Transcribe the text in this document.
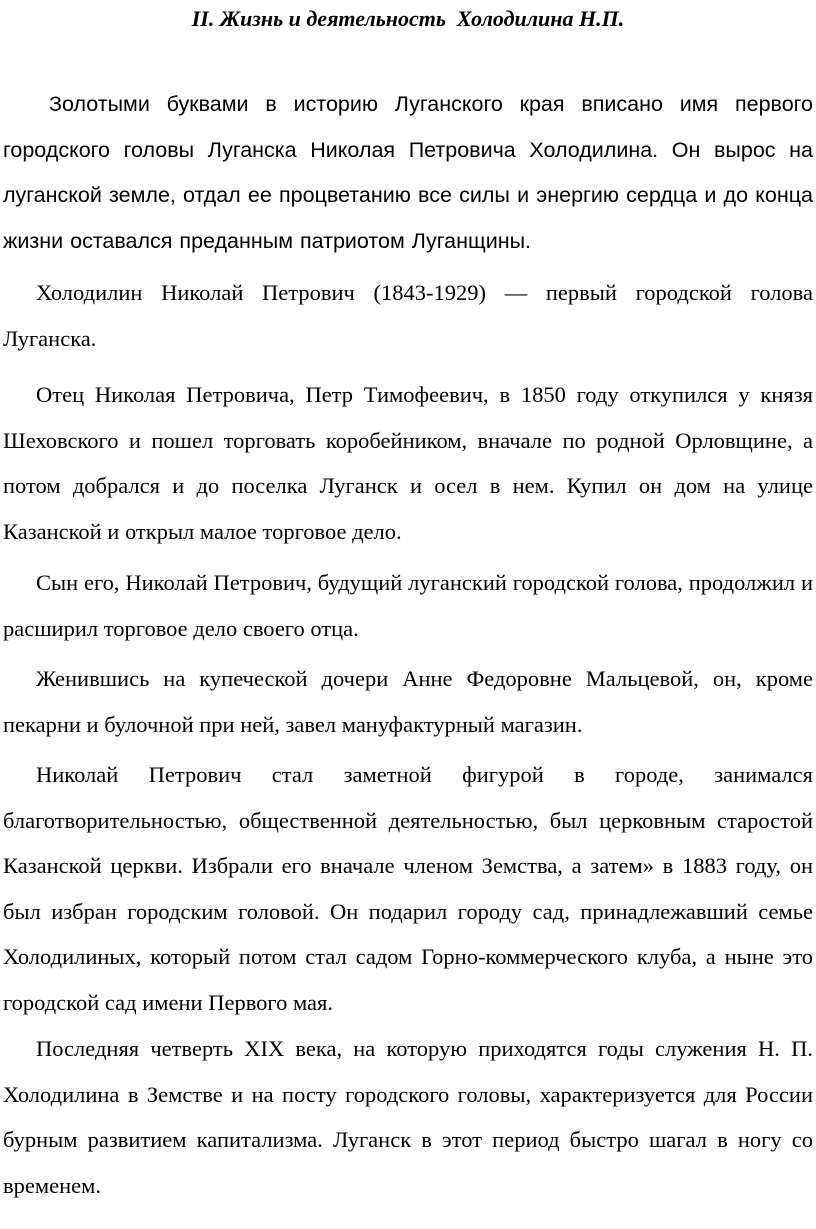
II. Жизнь и деятельность  Холодилина Н.П.

Золотыми буквами в историю Луганского края вписано имя первого городского головы Луганска Николая Петровича Холодилина. Он вырос на луганской земле, отдал ее процветанию все силы и энергию сердца и до конца жизни оставался преданным патриотом Луганщины.

Холодилин Николай Петрович (1843-1929) — первый городской голова Луганска.

Отец Николая Петровича, Петр Тимофеевич, в 1850 году откупился у князя Шеховского и пошел торговать коробейником, вначале по родной Орловщине, а потом добрался и до поселка Луганск и осел в нем. Купил он дом на улице Казанской и открыл малое торговое дело.

Сын его, Николай Петрович, будущий луганский городской голова, продолжил и расширил торговое дело своего отца.

Женившись на купеческой дочери Анне Федоровне Мальцевой, он, кроме пекарни и булочной при ней, завел мануфактурный магазин.

Николай Петрович стал заметной фигурой в городе, занимался благотворительностью, общественной деятельностью, был церковным старостой Казанской церкви. Избрали его вначале членом Земства, а затем» в 1883 году, он был избран городским головой. Он подарил городу сад, принадлежавший семье Холодилиных, который потом стал садом Горно-коммерческого клуба, а ныне это городской сад имени Первого мая.

Последняя четверть XIX века, на которую приходятся годы служения Н. П. Холодилина в Земстве и на посту городского головы, характеризуется для России бурным развитием капитализма. Луганск в этот период быстро шагал в ногу со временем.
